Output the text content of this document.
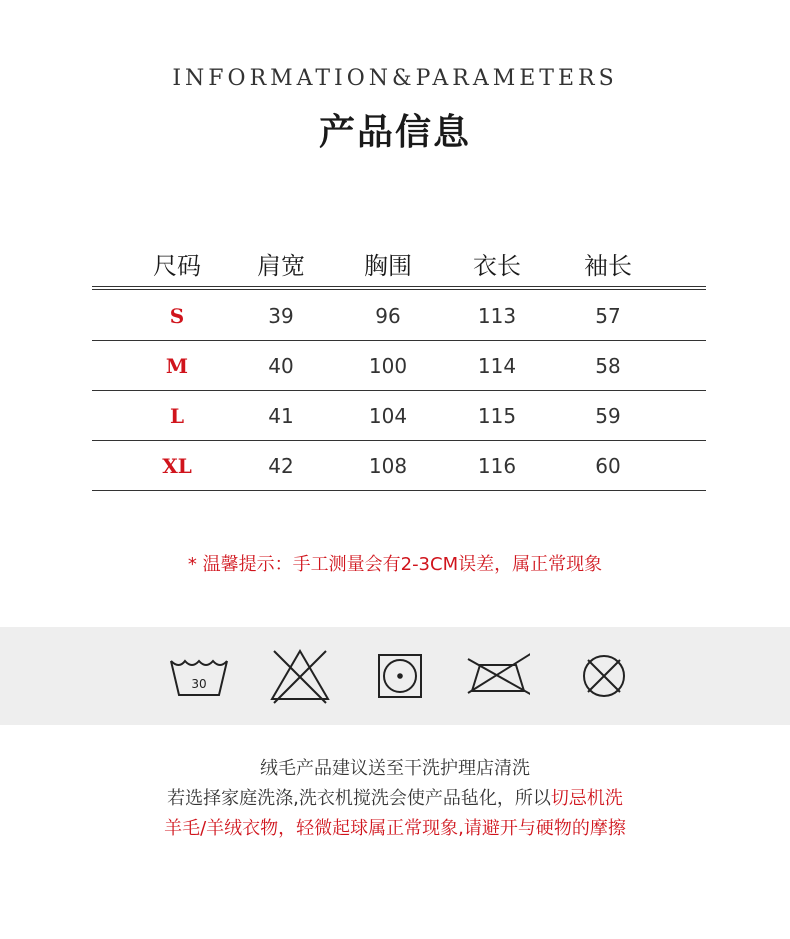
INFORMATION&PARAMETERS
产品信息
尺码	肩宽	胸围	衣长	袖长
S	39	96	113	57
M	40	100	114	58
L	41	104	115	59
XL	42	108	116	60
* 温馨提示：手工测量会有2-3CM误差，属正常现象
30
绒毛产品建议送至干洗护理店清洗
若选择家庭洗涤,洗衣机搅洗会使产品毡化，所以切忌机洗
羊毛/羊绒衣物，轻微起球属正常现象,请避开与硬物的摩擦
